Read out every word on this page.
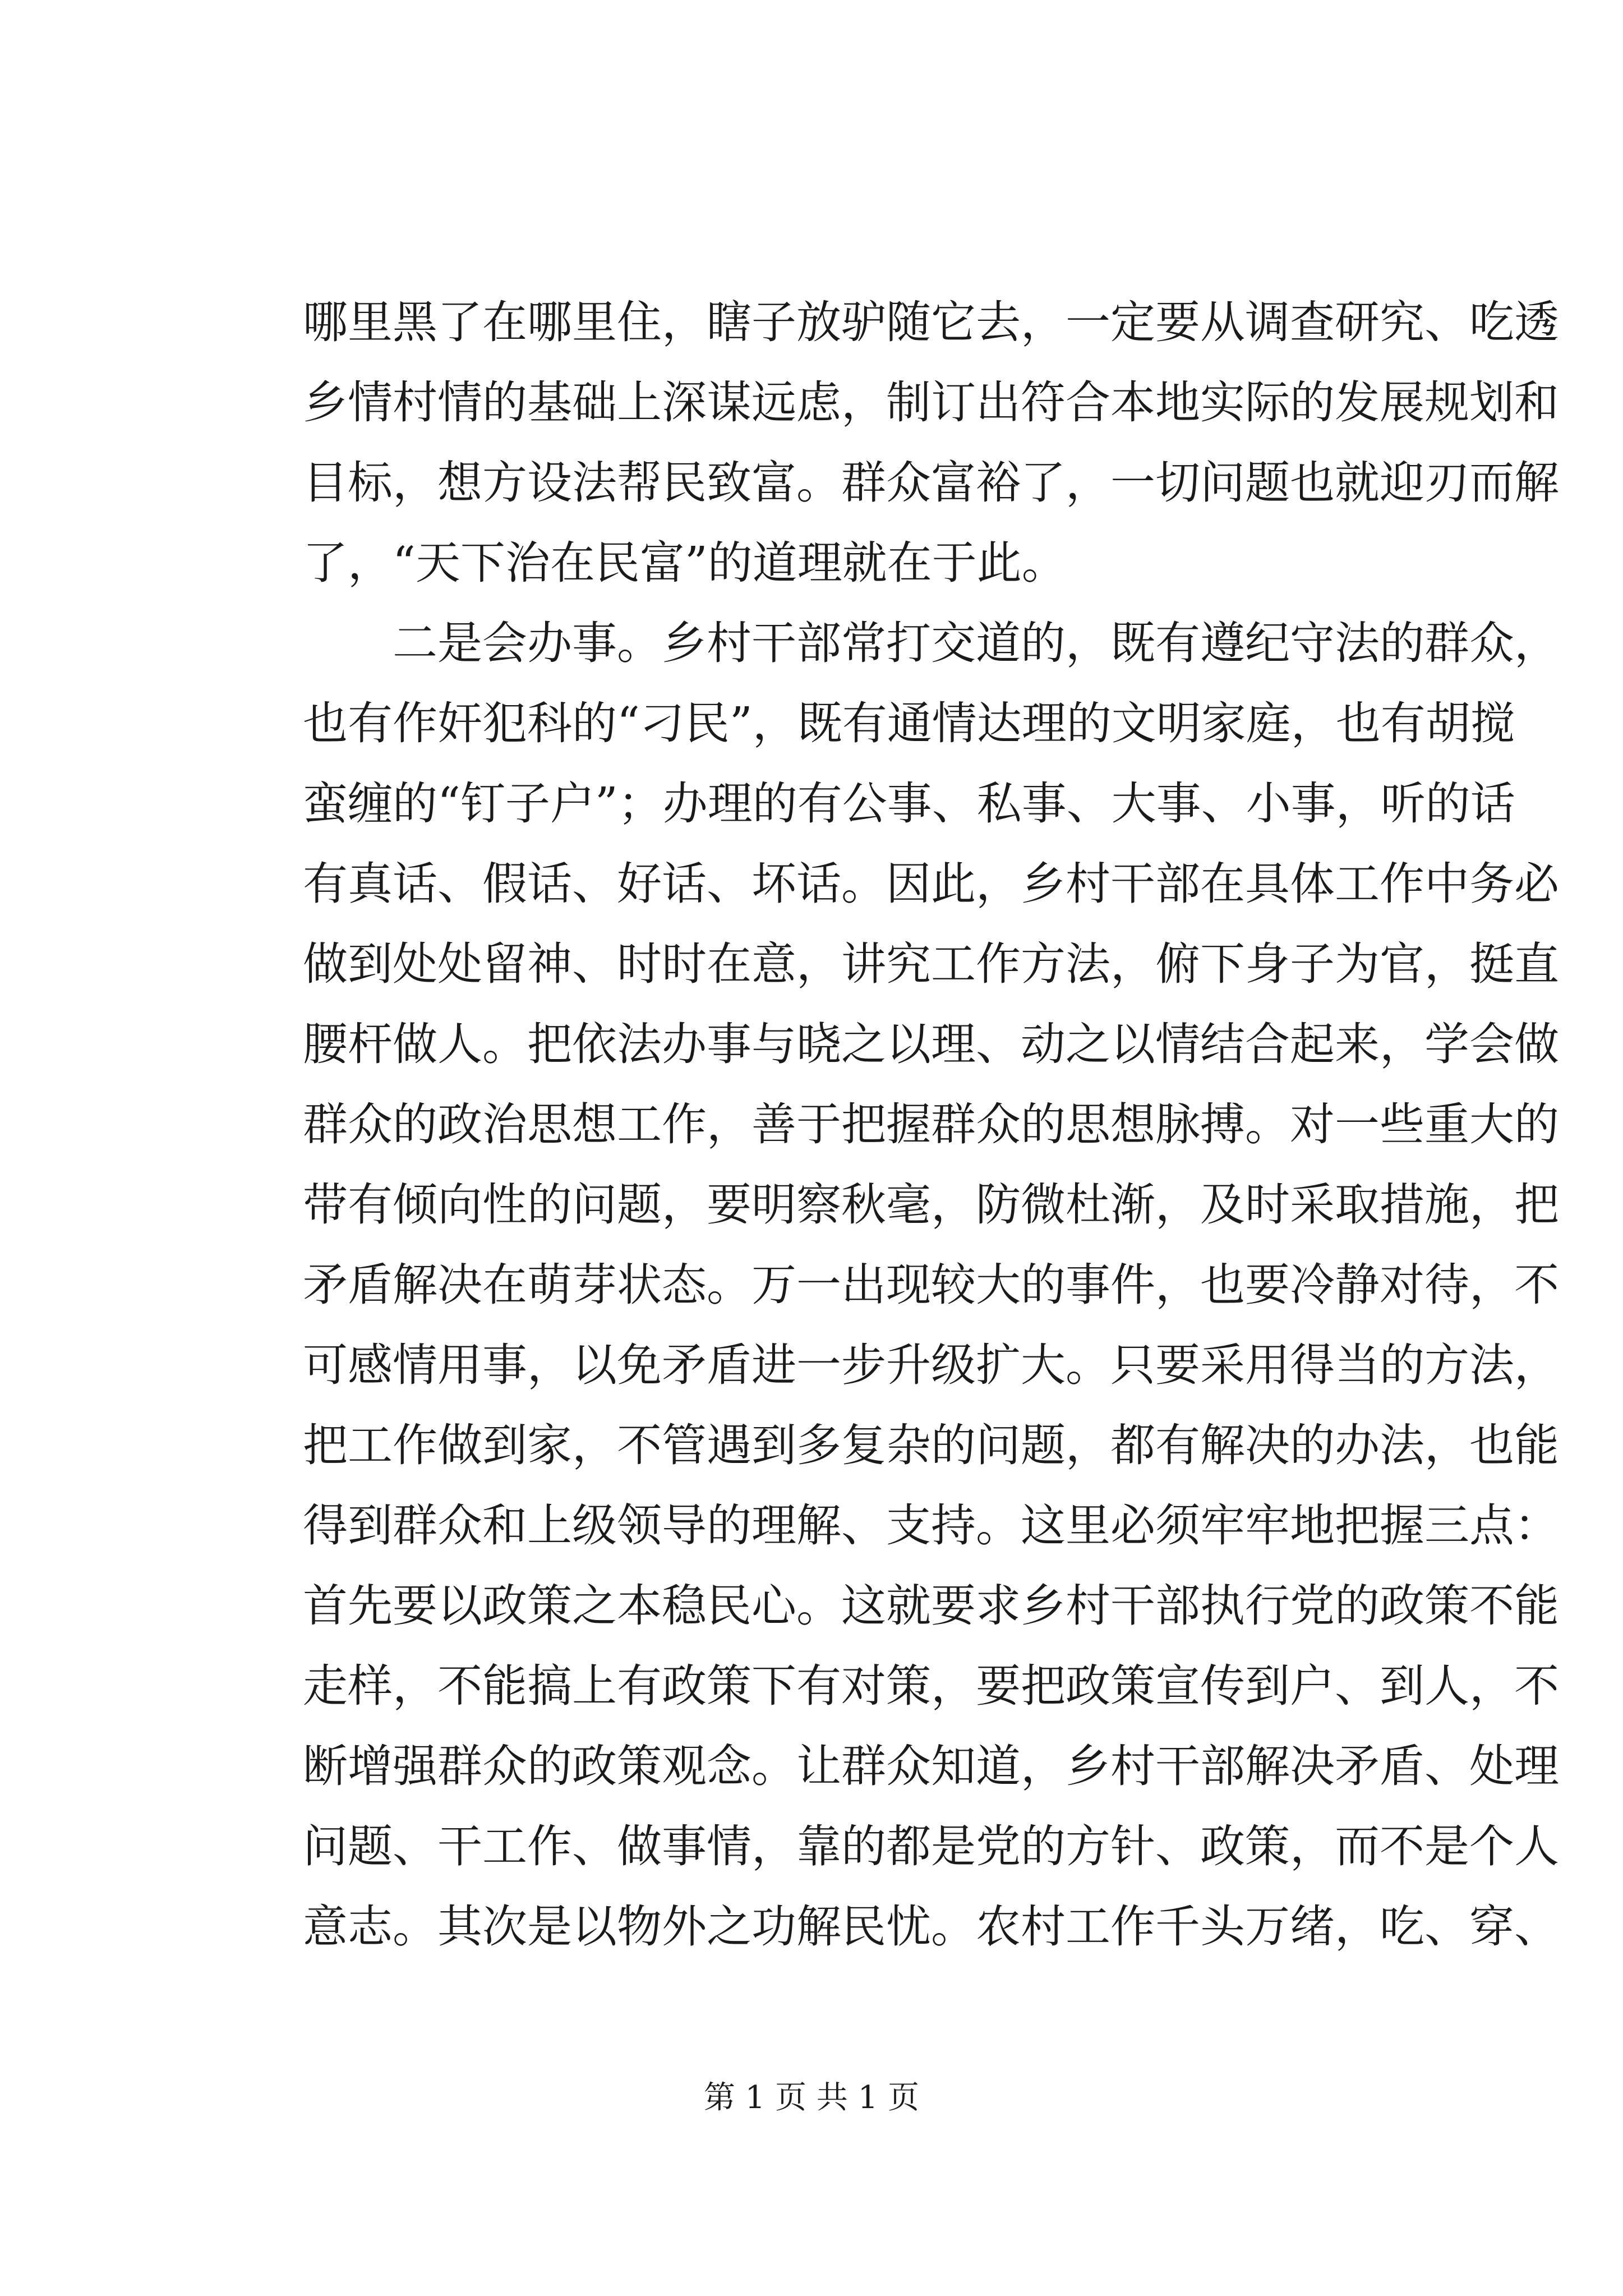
哪里黑了在哪里住，瞎子放驴随它去，一定要从调查研究、吃透
乡情村情的基础上深谋远虑，制订出符合本地实际的发展规划和
目标，想方设法帮民致富。群众富裕了，一切问题也就迎刃而解
了，“天下治在民富”的道理就在于此。
二是会办事。乡村干部常打交道的，既有遵纪守法的群众，
也有作奸犯科的“刁民”，既有通情达理的文明家庭，也有胡搅
蛮缠的“钉子户”；办理的有公事、私事、大事、小事，听的话
有真话、假话、好话、坏话。因此，乡村干部在具体工作中务必
做到处处留神、时时在意，讲究工作方法，俯下身子为官，挺直
腰杆做人。把依法办事与晓之以理、动之以情结合起来，学会做
群众的政治思想工作，善于把握群众的思想脉搏。对一些重大的
带有倾向性的问题，要明察秋毫，防微杜渐，及时采取措施，把
矛盾解决在萌芽状态。万一出现较大的事件，也要冷静对待，不
可感情用事，以免矛盾进一步升级扩大。只要采用得当的方法，
把工作做到家，不管遇到多复杂的问题，都有解决的办法，也能
得到群众和上级领导的理解、支持。这里必须牢牢地把握三点：
首先要以政策之本稳民心。这就要求乡村干部执行党的政策不能
走样，不能搞上有政策下有对策，要把政策宣传到户、到人，不
断增强群众的政策观念。让群众知道，乡村干部解决矛盾、处理
问题、干工作、做事情，靠的都是党的方针、政策，而不是个人
意志。其次是以物外之功解民忧。农村工作千头万绪，吃、穿、
第 1 页 共 1 页
